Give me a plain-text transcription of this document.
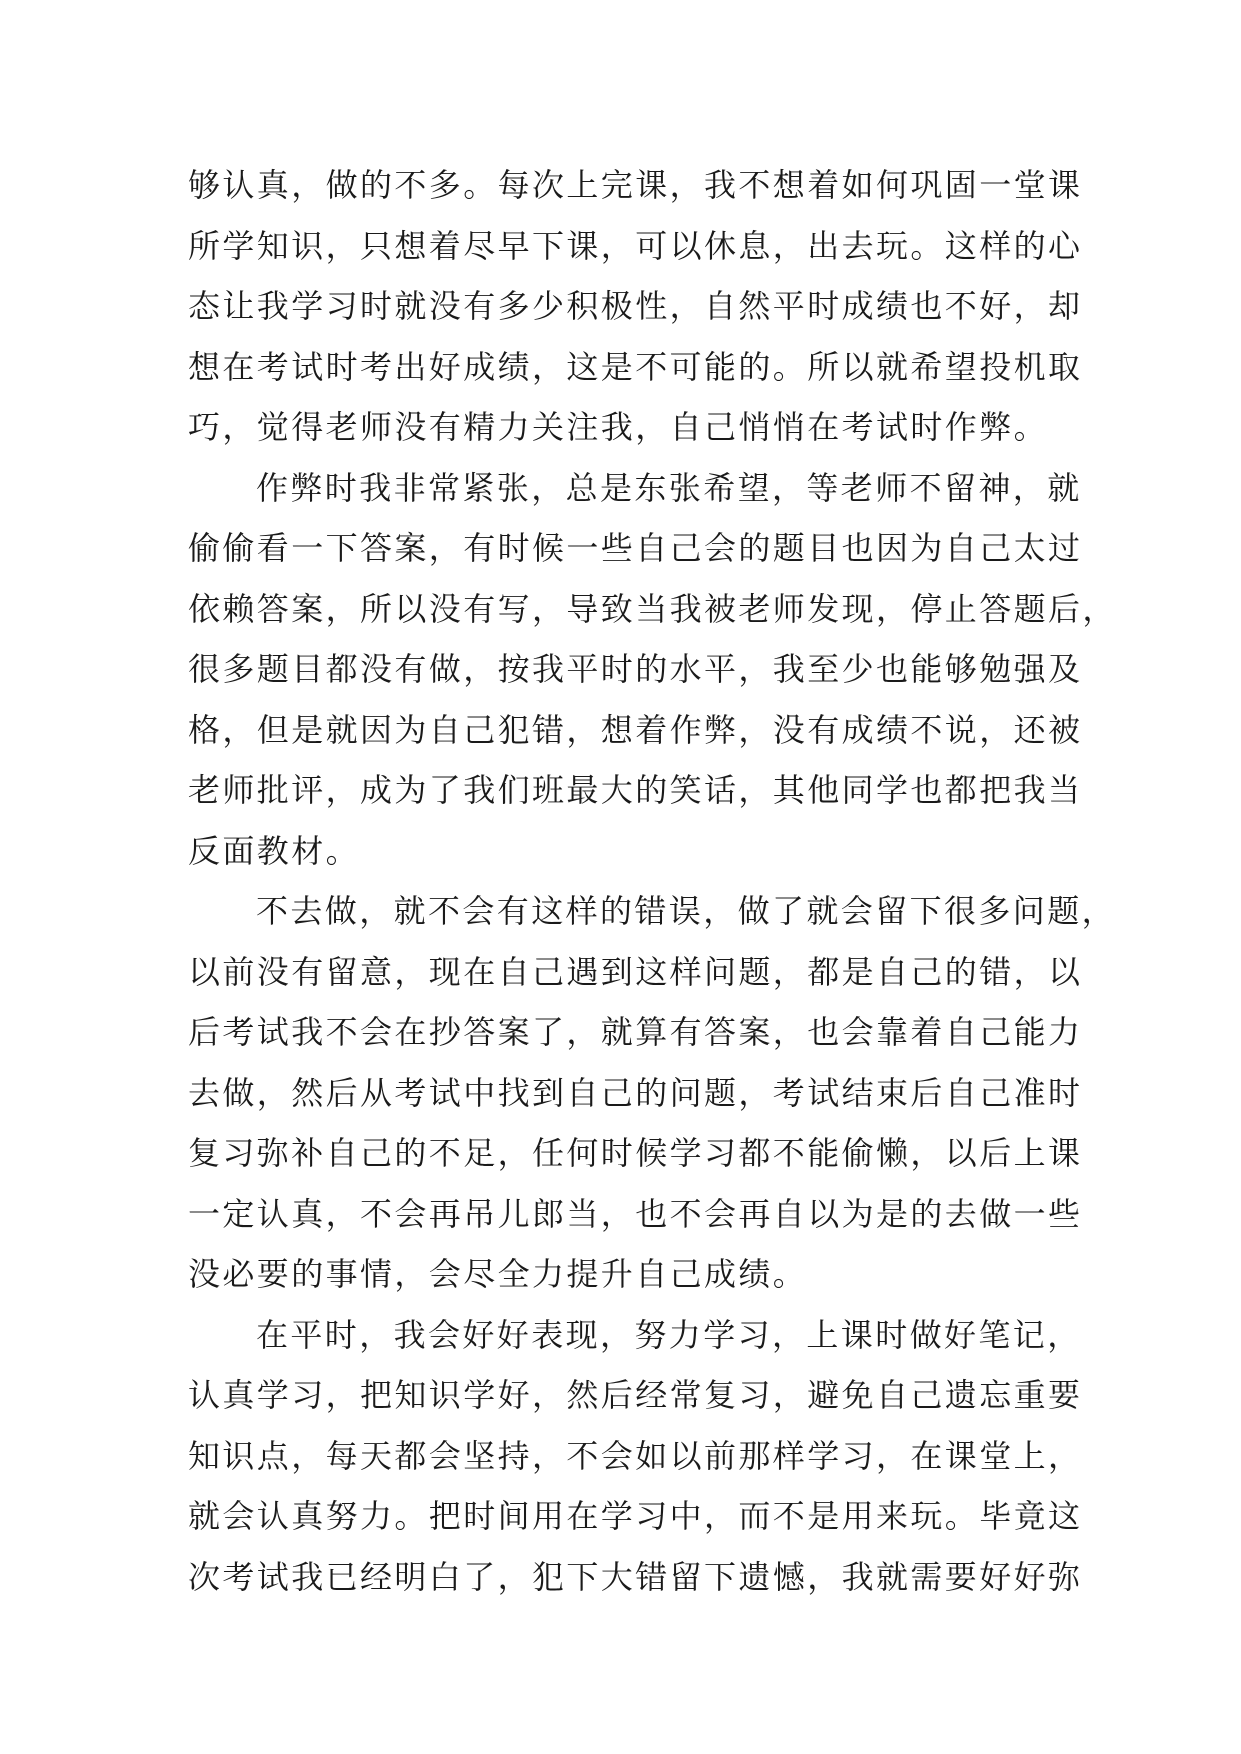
够认真，做的不多。每次上完课，我不想着如何巩固一堂课
所学知识，只想着尽早下课，可以休息，出去玩。这样的心
态让我学习时就没有多少积极性，自然平时成绩也不好，却
想在考试时考出好成绩，这是不可能的。所以就希望投机取
巧，觉得老师没有精力关注我，自己悄悄在考试时作弊。
作弊时我非常紧张，总是东张希望，等老师不留神，就
偷偷看一下答案，有时候一些自己会的题目也因为自己太过
依赖答案，所以没有写，导致当我被老师发现，停止答题后，
很多题目都没有做，按我平时的水平，我至少也能够勉强及
格，但是就因为自己犯错，想着作弊，没有成绩不说，还被
老师批评，成为了我们班最大的笑话，其他同学也都把我当
反面教材。
不去做，就不会有这样的错误，做了就会留下很多问题，
以前没有留意，现在自己遇到这样问题，都是自己的错，以
后考试我不会在抄答案了，就算有答案，也会靠着自己能力
去做，然后从考试中找到自己的问题，考试结束后自己准时
复习弥补自己的不足，任何时候学习都不能偷懒，以后上课
一定认真，不会再吊儿郎当，也不会再自以为是的去做一些
没必要的事情，会尽全力提升自己成绩。
在平时，我会好好表现，努力学习，上课时做好笔记，
认真学习，把知识学好，然后经常复习，避免自己遗忘重要
知识点，每天都会坚持，不会如以前那样学习，在课堂上，
就会认真努力。把时间用在学习中，而不是用来玩。毕竟这
次考试我已经明白了，犯下大错留下遗憾，我就需要好好弥
